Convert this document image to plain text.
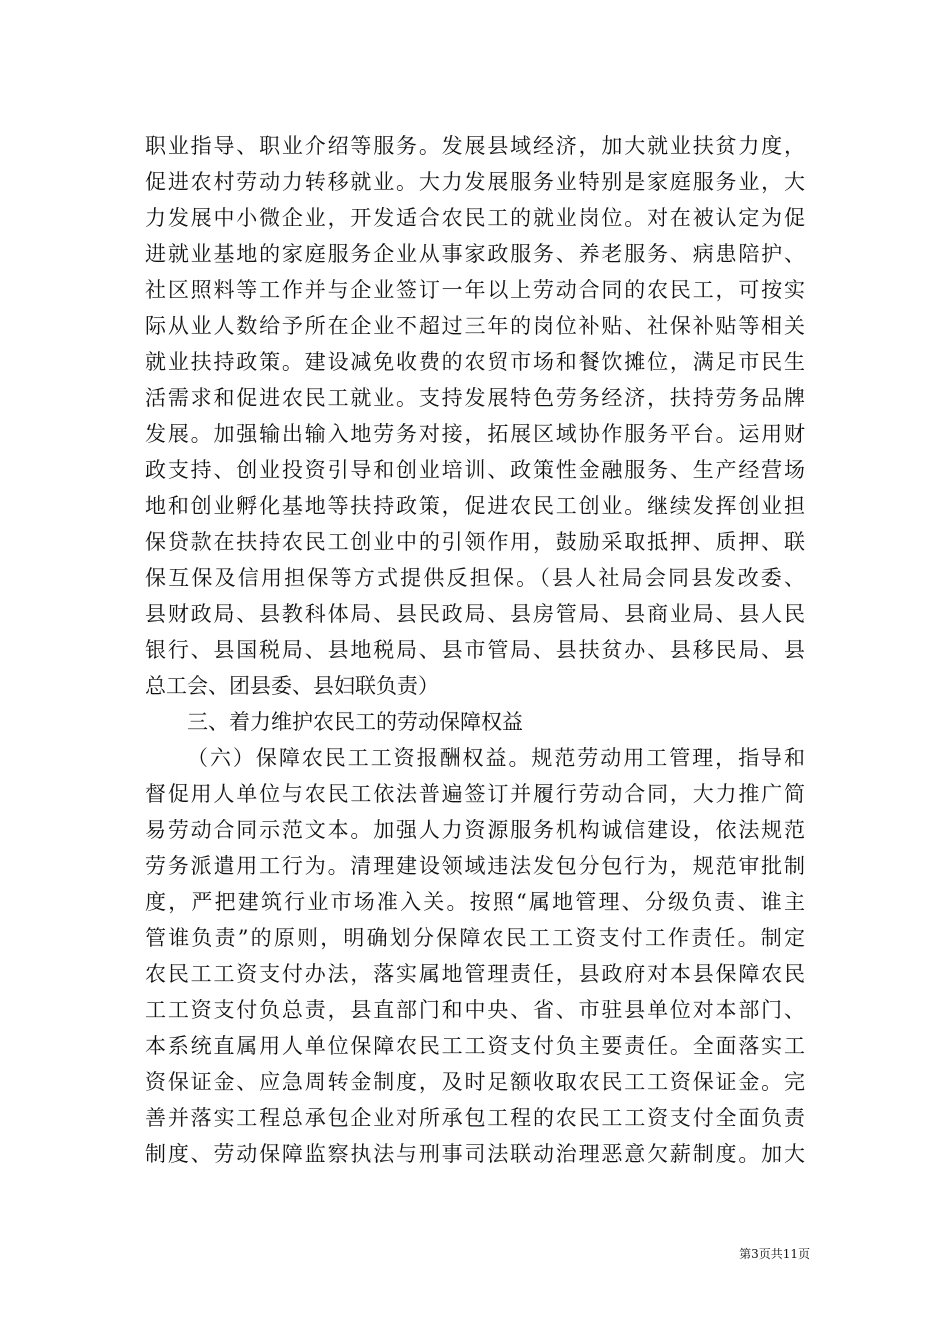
职业指导、职业介绍等服务。发展县域经济，加大就业扶贫力度，
促进农村劳动力转移就业。大力发展服务业特别是家庭服务业，大
力发展中小微企业，开发适合农民工的就业岗位。对在被认定为促
进就业基地的家庭服务企业从事家政服务、养老服务、病患陪护、
社区照料等工作并与企业签订一年以上劳动合同的农民工，可按实
际从业人数给予所在企业不超过三年的岗位补贴、社保补贴等相关
就业扶持政策。建设减免收费的农贸市场和餐饮摊位，满足市民生
活需求和促进农民工就业。支持发展特色劳务经济，扶持劳务品牌
发展。加强输出输入地劳务对接，拓展区域协作服务平台。运用财
政支持、创业投资引导和创业培训、政策性金融服务、生产经营场
地和创业孵化基地等扶持政策，促进农民工创业。继续发挥创业担
保贷款在扶持农民工创业中的引领作用，鼓励采取抵押、质押、联
保互保及信用担保等方式提供反担保。（县人社局会同县发改委、
县财政局、县教科体局、县民政局、县房管局、县商业局、县人民
银行、县国税局、县地税局、县市管局、县扶贫办、县移民局、县
总工会、团县委、县妇联负责）
三、着力维护农民工的劳动保障权益
（六）保障农民工工资报酬权益。规范劳动用工管理，指导和
督促用人单位与农民工依法普遍签订并履行劳动合同，大力推广简
易劳动合同示范文本。加强人力资源服务机构诚信建设，依法规范
劳务派遣用工行为。清理建设领域违法发包分包行为，规范审批制
度，严把建筑行业市场准入关。按照“属地管理、分级负责、谁主
管谁负责”的原则，明确划分保障农民工工资支付工作责任。制定
农民工工资支付办法，落实属地管理责任，县政府对本县保障农民
工工资支付负总责，县直部门和中央、省、市驻县单位对本部门、
本系统直属用人单位保障农民工工资支付负主要责任。全面落实工
资保证金、应急周转金制度，及时足额收取农民工工资保证金。完
善并落实工程总承包企业对所承包工程的农民工工资支付全面负责
制度、劳动保障监察执法与刑事司法联动治理恶意欠薪制度。加大
第3页共11页
